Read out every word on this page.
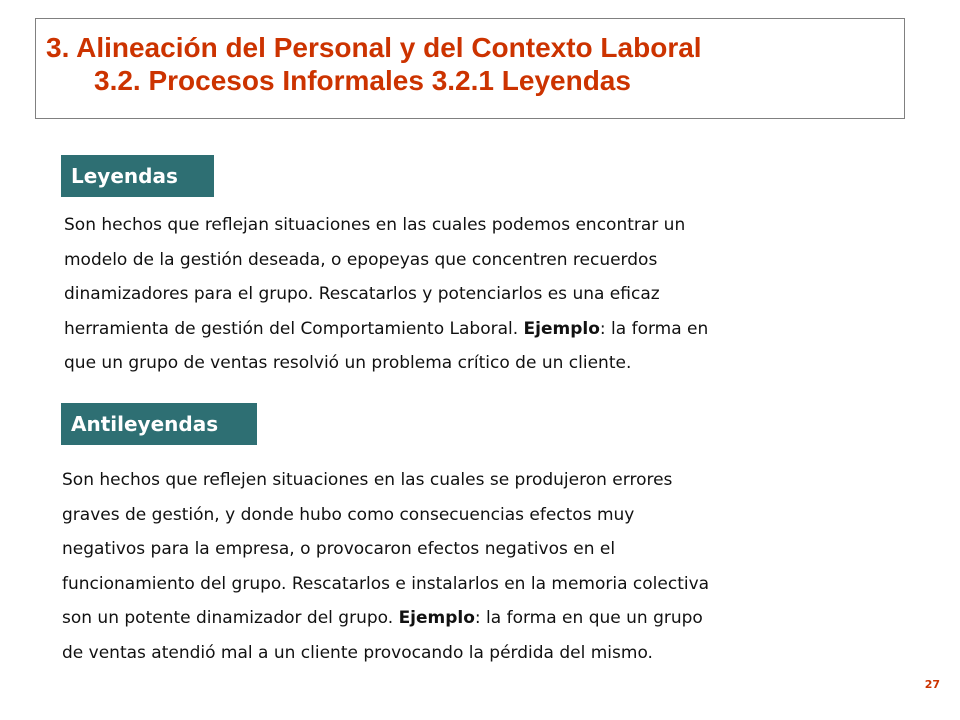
3. Alineación del Personal y del Contexto Laboral
3.2. Procesos Informales 3.2.1 Leyendas
Leyendas
Son hechos que reflejan situaciones en las cuales podemos encontrar un
modelo de la gestión deseada, o epopeyas que concentren recuerdos
dinamizadores para el grupo. Rescatarlos y potenciarlos es una eficaz
herramienta de gestión del Comportamiento Laboral. Ejemplo: la forma en
que un grupo de ventas resolvió un problema crítico de un cliente.
Antileyendas
Son hechos que reflejen situaciones en las cuales se produjeron errores
graves de gestión, y donde hubo como consecuencias efectos muy
negativos para la empresa, o provocaron efectos negativos en el
funcionamiento del grupo. Rescatarlos e instalarlos en la memoria colectiva
son un potente dinamizador del grupo. Ejemplo: la forma en que un grupo
de ventas atendió mal a un cliente provocando la pérdida del mismo.
27
